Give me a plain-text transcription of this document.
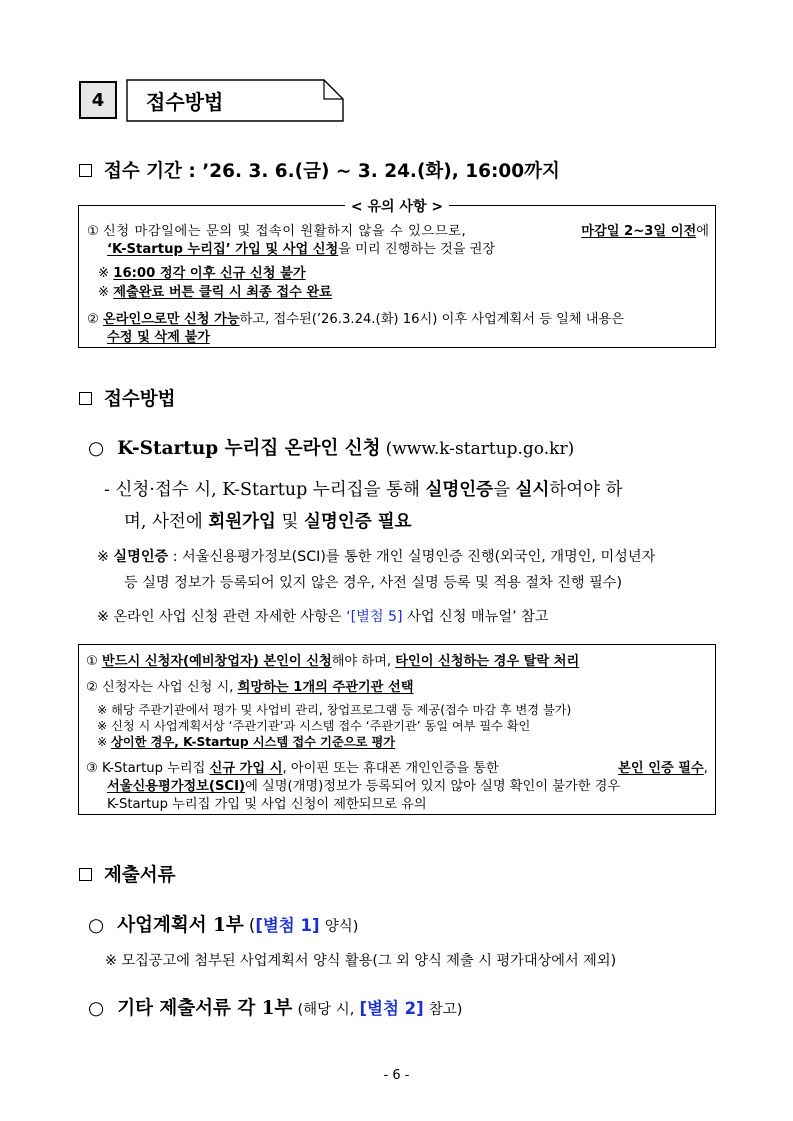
4	접수방법
접수 기간 : ’26. 3. 6.(금) ~ 3. 24.(화), 16:00까지
< 유의 사항 >
① 신청 마감일에는 문의 및 접속이 원활하지 않을 수 있으므로,	마감일 2~3일 이전에
‘K-Startup 누리집’ 가입 및 사업 신청을 미리 진행하는 것을 권장
※ 16:00 정각 이후 신규 신청 불가
※ 제출완료 버튼 클릭 시 최종 접수 완료
② 온라인으로만 신청 가능하고, 접수된(’26.3.24.(화) 16시) 이후 사업계획서 등 일체 내용은
수정 및 삭제 불가
접수방법
○ K-Startup 누리집 온라인 신청 (www.k-startup.go.kr)
- 신청·접수 시, K-Startup 누리집을 통해 실명인증을 실시하여야 하
며, 사전에 회원가입 및 실명인증 필요
※ 실명인증 : 서울신용평가정보(SCI)를 통한 개인 실명인증 진행(외국인, 개명인, 미성년자
등 실명 정보가 등록되어 있지 않은 경우, 사전 실명 등록 및 적용 절차 진행 필수)
※ 온라인 사업 신청 관련 자세한 사항은 ‘[별첨 5] 사업 신청 매뉴얼’ 참고
① 반드시 신청자(예비창업자) 본인이 신청해야 하며, 타인이 신청하는 경우 탈락 처리
② 신청자는 사업 신청 시, 희망하는 1개의 주관기관 선택
※ 해당 주관기관에서 평가 및 사업비 관리, 창업프로그램 등 제공(접수 마감 후 변경 불가)
※ 신청 시 사업계획서상 ‘주관기관’과 시스템 접수 ‘주관기관’ 동일 여부 필수 확인
※ 상이한 경우, K-Startup 시스템 접수 기준으로 평가
③ K-Startup 누리집 신규 가입 시, 아이핀 또는 휴대폰 개인인증을 통한	본인 인증 필수,
서울신용평가정보(SCI)에 실명(개명)정보가 등록되어 있지 않아 실명 확인이 불가한 경우
K-Startup 누리집 가입 및 사업 신청이 제한되므로 유의
제출서류
○ 사업계획서 1부 ([별첨 1] 양식)
※ 모집공고에 첨부된 사업계획서 양식 활용(그 외 양식 제출 시 평가대상에서 제외)
○ 기타 제출서류 각 1부 (해당 시, [별첨 2] 참고)
- 6 -
